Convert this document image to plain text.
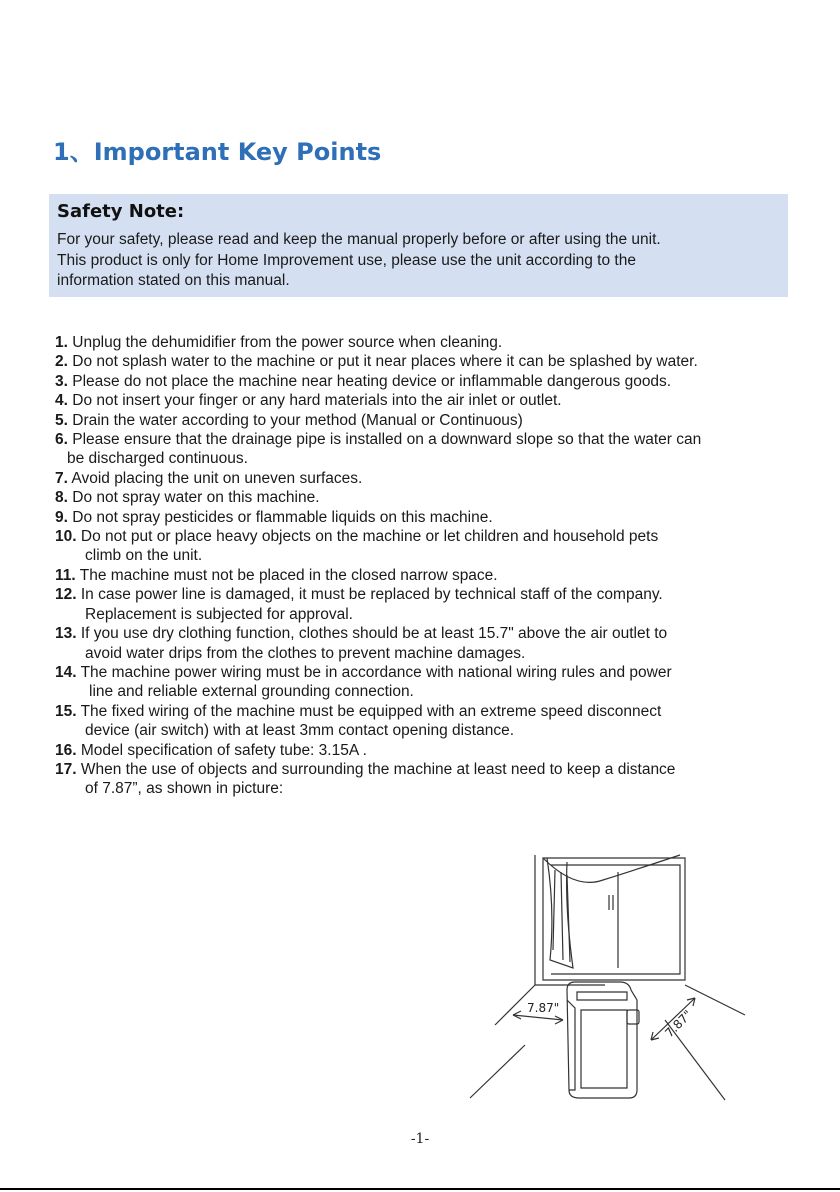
1、Important Key Points
Safety Note:
For your safety, please read and keep the manual properly before or after using the unit.
This product is only for Home Improvement use, please use the unit according to the
information stated on this manual.
1. Unplug the dehumidifier from the power source when cleaning.
2. Do not splash water to the machine or put it near places where it can be splashed by water.
3. Please do not place the machine near heating device or inflammable dangerous goods.
4. Do not insert your finger or any hard materials into the air inlet or outlet.
5. Drain the water according to your method (Manual or Continuous)
6. Please ensure that the drainage pipe is installed on a downward slope so that the water can
be discharged continuous.
7. Avoid placing the unit on uneven surfaces.
8. Do not spray water on this machine.
9. Do not spray pesticides or flammable liquids on this machine.
10. Do not put or place heavy objects on the machine or let children and household pets
climb on the unit.
11. The machine must not be placed in the closed narrow space.
12. In case power line is damaged, it must be replaced by technical staff of the company.
Replacement is subjected for approval.
13. If you use dry clothing function, clothes should be at least 15.7" above the air outlet to
avoid water drips from the clothes to prevent machine damages.
14. The machine power wiring must be in accordance with national wiring rules and power
line and reliable external grounding connection.
15. The fixed wiring of the machine must be equipped with an extreme speed disconnect
device (air switch) with at least 3mm contact opening distance.
16. Model specification of safety tube: 3.15A .
17. When the use of objects and surrounding the machine at least need to keep a distance
of 7.87”, as shown in picture:
7.87"	7.87"
-1-
